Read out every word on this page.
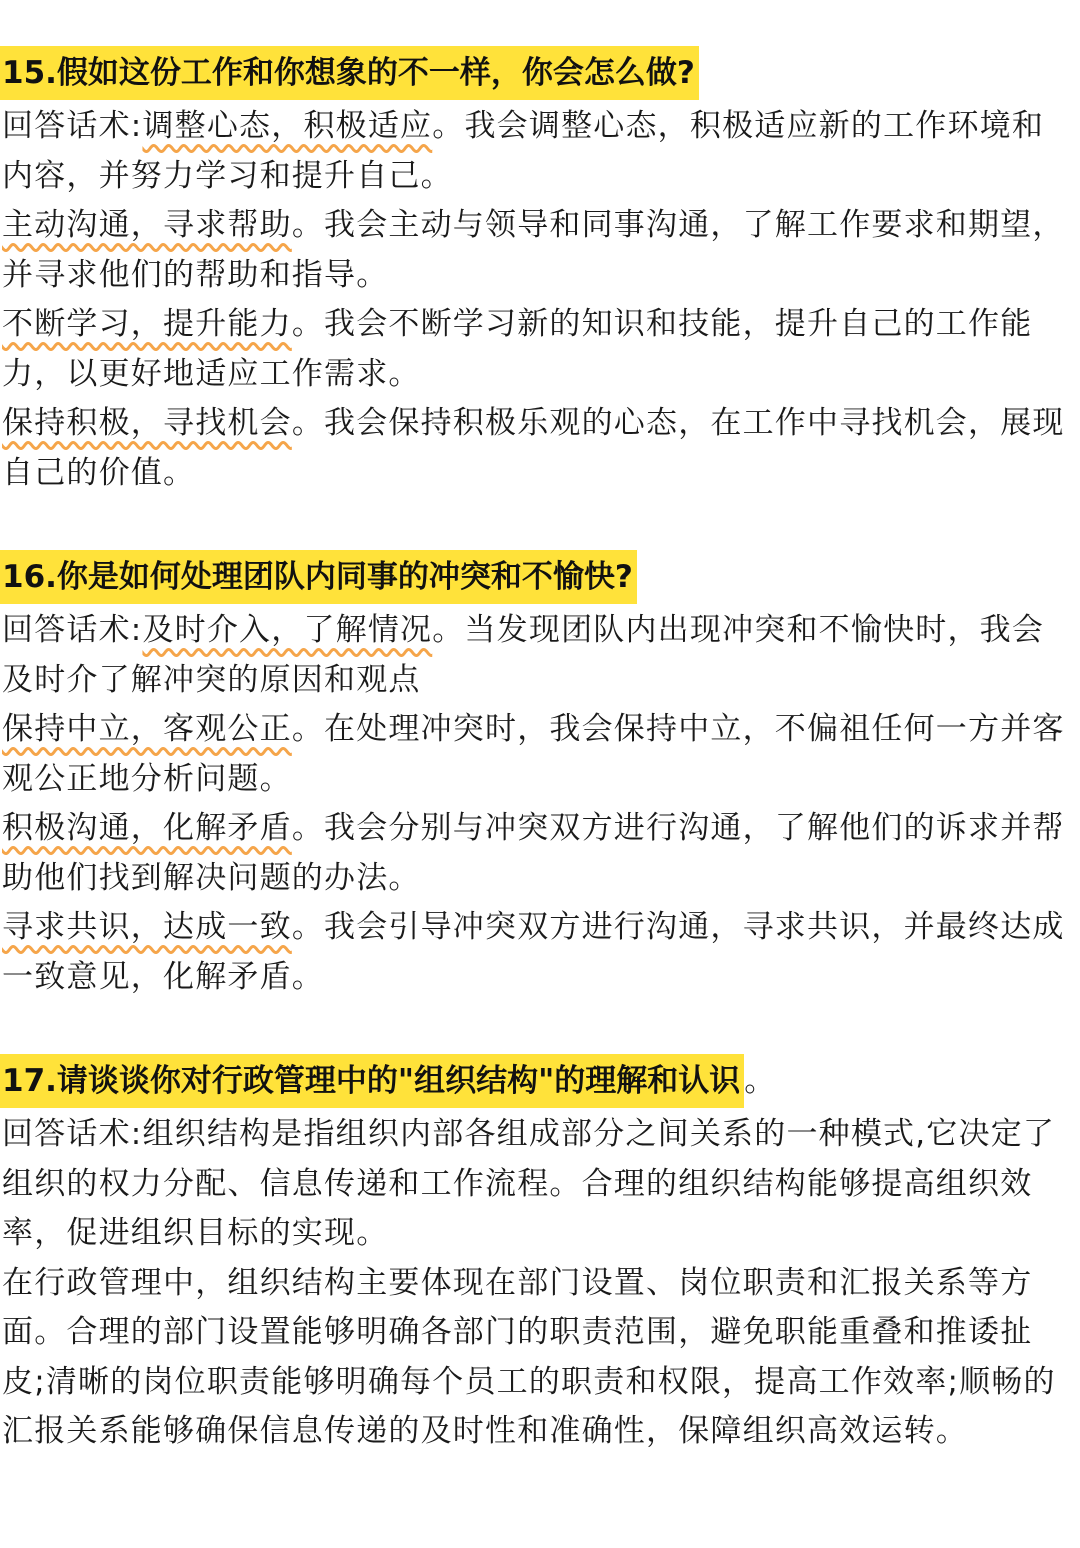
15.假如这份工作和你想象的不一样，你会怎么做?

回答话术:调整心态，积极适应。我会调整心态，积极适应新的工作环境和内容，并努力学习和提升自己。

主动沟通，寻求帮助。我会主动与领导和同事沟通，了解工作要求和期望，并寻求他们的帮助和指导。

不断学习，提升能力。我会不断学习新的知识和技能，提升自己的工作能力，以更好地适应工作需求。

保持积极，寻找机会。我会保持积极乐观的心态，在工作中寻找机会，展现自己的价值。

16.你是如何处理团队内同事的冲突和不愉快?

回答话术:及时介入，了解情况。当发现团队内出现冲突和不愉快时，我会及时介了解冲突的原因和观点

保持中立，客观公正。在处理冲突时，我会保持中立，不偏祖任何一方并客观公正地分析问题。

积极沟通，化解矛盾。我会分别与冲突双方进行沟通，了解他们的诉求并帮助他们找到解决问题的办法。

寻求共识，达成一致。我会引导冲突双方进行沟通，寻求共识，并最终达成一致意见，化解矛盾。

17.请谈谈你对行政管理中的"组织结构"的理解和认识 。

回答话术:组织结构是指组织内部各组成部分之间关系的一种模式,它决定了组织的权力分配、信息传递和工作流程。合理的组织结构能够提高组织效率，促进组织目标的实现。

在行政管理中，组织结构主要体现在部门设置、岗位职责和汇报关系等方面。合理的部门设置能够明确各部门的职责范围，避免职能重叠和推诿扯皮;清晰的岗位职责能够明确每个员工的职责和权限，提高工作效率;顺畅的汇报关系能够确保信息传递的及时性和准确性，保障组织高效运转。
